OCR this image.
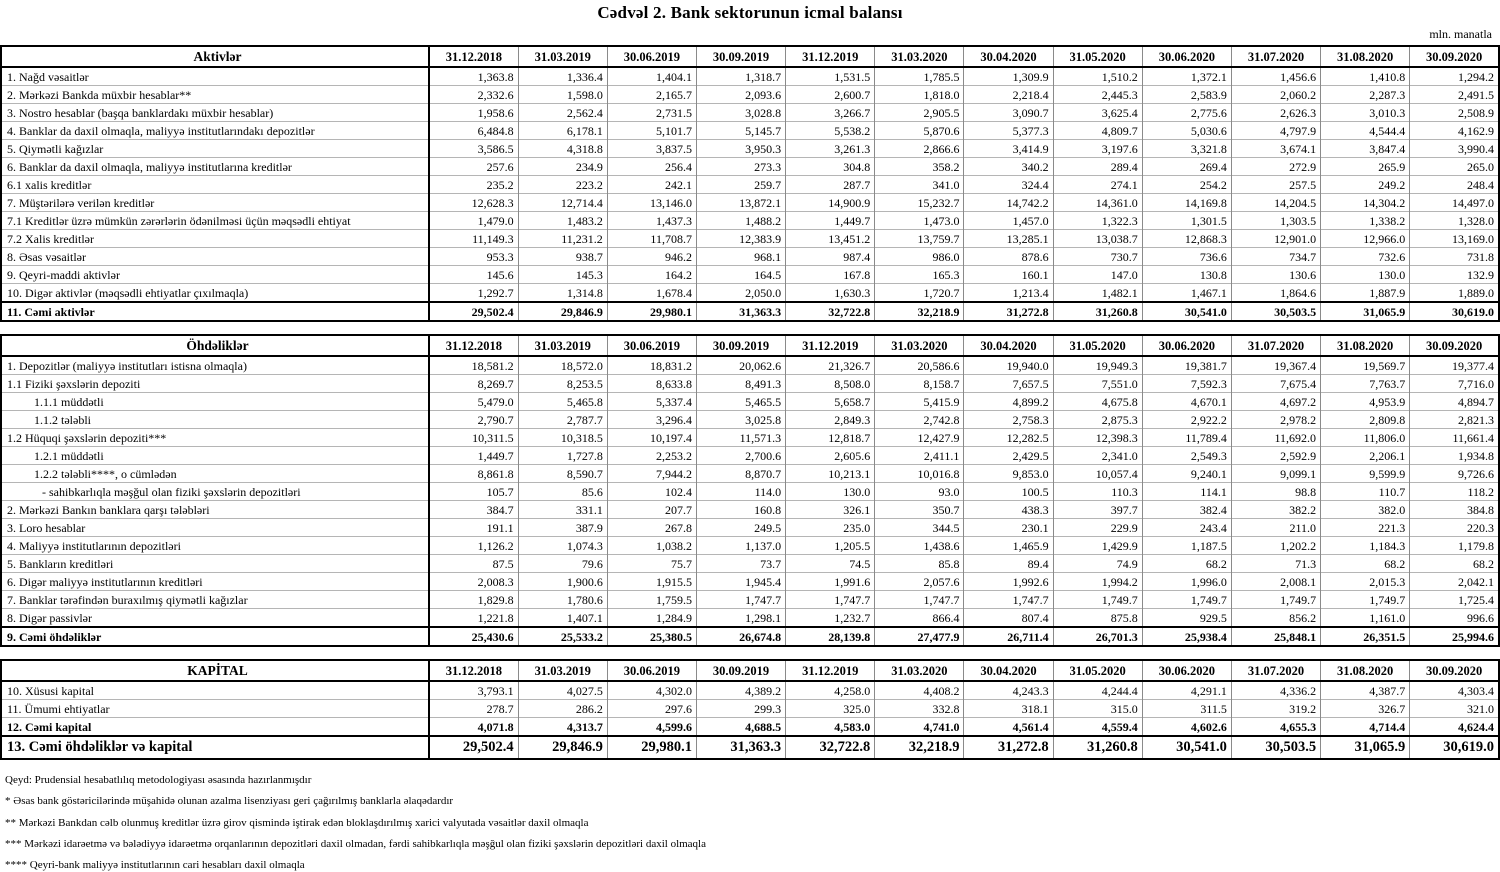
Cədvəl 2. Bank sektorunun icmal balansı
mln. manatla
Aktivlər	31.12.2018	31.03.2019	30.06.2019	30.09.2019	31.12.2019	31.03.2020	30.04.2020	31.05.2020	30.06.2020	31.07.2020	31.08.2020	30.09.2020
1. Nağd vəsaitlər	1,363.8	1,336.4	1,404.1	1,318.7	1,531.5	1,785.5	1,309.9	1,510.2	1,372.1	1,456.6	1,410.8	1,294.2
2. Mərkəzi Bankda müxbir hesablar**	2,332.6	1,598.0	2,165.7	2,093.6	2,600.7	1,818.0	2,218.4	2,445.3	2,583.9	2,060.2	2,287.3	2,491.5
3. Nostro hesablar (başqa banklardakı müxbir hesablar)	1,958.6	2,562.4	2,731.5	3,028.8	3,266.7	2,905.5	3,090.7	3,625.4	2,775.6	2,626.3	3,010.3	2,508.9
4. Banklar da daxil olmaqla, maliyyə institutlarındakı depozitlər	6,484.8	6,178.1	5,101.7	5,145.7	5,538.2	5,870.6	5,377.3	4,809.7	5,030.6	4,797.9	4,544.4	4,162.9
5. Qiymətli kağızlar	3,586.5	4,318.8	3,837.5	3,950.3	3,261.3	2,866.6	3,414.9	3,197.6	3,321.8	3,674.1	3,847.4	3,990.4
6. Banklar da daxil olmaqla, maliyyə institutlarına kreditlər	257.6	234.9	256.4	273.3	304.8	358.2	340.2	289.4	269.4	272.9	265.9	265.0
6.1 xalis kreditlər	235.2	223.2	242.1	259.7	287.7	341.0	324.4	274.1	254.2	257.5	249.2	248.4
7. Müştərilərə verilən kreditlər	12,628.3	12,714.4	13,146.0	13,872.1	14,900.9	15,232.7	14,742.2	14,361.0	14,169.8	14,204.5	14,304.2	14,497.0
7.1 Kreditlər üzrə mümkün zərərlərin ödənilməsi üçün məqsədli ehtiyat	1,479.0	1,483.2	1,437.3	1,488.2	1,449.7	1,473.0	1,457.0	1,322.3	1,301.5	1,303.5	1,338.2	1,328.0
7.2 Xalis kreditlər	11,149.3	11,231.2	11,708.7	12,383.9	13,451.2	13,759.7	13,285.1	13,038.7	12,868.3	12,901.0	12,966.0	13,169.0
8. Əsas vəsaitlər	953.3	938.7	946.2	968.1	987.4	986.0	878.6	730.7	736.6	734.7	732.6	731.8
9. Qeyri-maddi aktivlər	145.6	145.3	164.2	164.5	167.8	165.3	160.1	147.0	130.8	130.6	130.0	132.9
10. Digər aktivlər (məqsədli ehtiyatlar çıxılmaqla)	1,292.7	1,314.8	1,678.4	2,050.0	1,630.3	1,720.7	1,213.4	1,482.1	1,467.1	1,864.6	1,887.9	1,889.0
11. Cəmi aktivlər	29,502.4	29,846.9	29,980.1	31,363.3	32,722.8	32,218.9	31,272.8	31,260.8	30,541.0	30,503.5	31,065.9	30,619.0
Öhdəliklər	31.12.2018	31.03.2019	30.06.2019	30.09.2019	31.12.2019	31.03.2020	30.04.2020	31.05.2020	30.06.2020	31.07.2020	31.08.2020	30.09.2020
1. Depozitlər (maliyyə institutları istisna olmaqla)	18,581.2	18,572.0	18,831.2	20,062.6	21,326.7	20,586.6	19,940.0	19,949.3	19,381.7	19,367.4	19,569.7	19,377.4
1.1 Fiziki şəxslərin depoziti	8,269.7	8,253.5	8,633.8	8,491.3	8,508.0	8,158.7	7,657.5	7,551.0	7,592.3	7,675.4	7,763.7	7,716.0
1.1.1 müddətli	5,479.0	5,465.8	5,337.4	5,465.5	5,658.7	5,415.9	4,899.2	4,675.8	4,670.1	4,697.2	4,953.9	4,894.7
1.1.2 tələbli	2,790.7	2,787.7	3,296.4	3,025.8	2,849.3	2,742.8	2,758.3	2,875.3	2,922.2	2,978.2	2,809.8	2,821.3
1.2 Hüquqi şəxslərin depoziti***	10,311.5	10,318.5	10,197.4	11,571.3	12,818.7	12,427.9	12,282.5	12,398.3	11,789.4	11,692.0	11,806.0	11,661.4
1.2.1 müddətli	1,449.7	1,727.8	2,253.2	2,700.6	2,605.6	2,411.1	2,429.5	2,341.0	2,549.3	2,592.9	2,206.1	1,934.8
1.2.2 tələbli****, o cümlədən	8,861.8	8,590.7	7,944.2	8,870.7	10,213.1	10,016.8	9,853.0	10,057.4	9,240.1	9,099.1	9,599.9	9,726.6
- sahibkarlıqla məşğul olan fiziki şəxslərin depozitləri	105.7	85.6	102.4	114.0	130.0	93.0	100.5	110.3	114.1	98.8	110.7	118.2
2. Mərkəzi Bankın banklara qarşı tələbləri	384.7	331.1	207.7	160.8	326.1	350.7	438.3	397.7	382.4	382.2	382.0	384.8
3. Loro hesablar	191.1	387.9	267.8	249.5	235.0	344.5	230.1	229.9	243.4	211.0	221.3	220.3
4. Maliyyə institutlarının depozitləri	1,126.2	1,074.3	1,038.2	1,137.0	1,205.5	1,438.6	1,465.9	1,429.9	1,187.5	1,202.2	1,184.3	1,179.8
5. Bankların kreditləri	87.5	79.6	75.7	73.7	74.5	85.8	89.4	74.9	68.2	71.3	68.2	68.2
6. Digər maliyyə institutlarının kreditləri	2,008.3	1,900.6	1,915.5	1,945.4	1,991.6	2,057.6	1,992.6	1,994.2	1,996.0	2,008.1	2,015.3	2,042.1
7. Banklar tərəfindən buraxılmış qiymətli kağızlar	1,829.8	1,780.6	1,759.5	1,747.7	1,747.7	1,747.7	1,747.7	1,749.7	1,749.7	1,749.7	1,749.7	1,725.4
8. Digər passivlər	1,221.8	1,407.1	1,284.9	1,298.1	1,232.7	866.4	807.4	875.8	929.5	856.2	1,161.0	996.6
9. Cəmi öhdəliklər	25,430.6	25,533.2	25,380.5	26,674.8	28,139.8	27,477.9	26,711.4	26,701.3	25,938.4	25,848.1	26,351.5	25,994.6
KAPİTAL	31.12.2018	31.03.2019	30.06.2019	30.09.2019	31.12.2019	31.03.2020	30.04.2020	31.05.2020	30.06.2020	31.07.2020	31.08.2020	30.09.2020
10. Xüsusi kapital	3,793.1	4,027.5	4,302.0	4,389.2	4,258.0	4,408.2	4,243.3	4,244.4	4,291.1	4,336.2	4,387.7	4,303.4
11. Ümumi ehtiyatlar	278.7	286.2	297.6	299.3	325.0	332.8	318.1	315.0	311.5	319.2	326.7	321.0
12. Cəmi kapital	4,071.8	4,313.7	4,599.6	4,688.5	4,583.0	4,741.0	4,561.4	4,559.4	4,602.6	4,655.3	4,714.4	4,624.4
13. Cəmi öhdəliklər və kapital	29,502.4	29,846.9	29,980.1	31,363.3	32,722.8	32,218.9	31,272.8	31,260.8	30,541.0	30,503.5	31,065.9	30,619.0

Qeyd: Prudensial hesabatlılıq metodologiyası əsasında hazırlanmışdır

* Əsas bank göstəricilərində müşahidə olunan azalma lisenziyası geri çağırılmış banklarla əlaqədardır

** Mərkəzi Bankdan cəlb olunmuş kreditlər üzrə girov qismində iştirak edən bloklaşdırılmış xarici valyutada vəsaitlər daxil olmaqla

*** Mərkəzi idarəetmə və bələdiyyə idarəetmə orqanlarının depozitləri daxil olmadan, fərdi sahibkarlıqla məşğul olan fiziki şəxslərin depozitləri daxil olmaqla

**** Qeyri-bank maliyyə institutlarının cari hesabları daxil olmaqla
